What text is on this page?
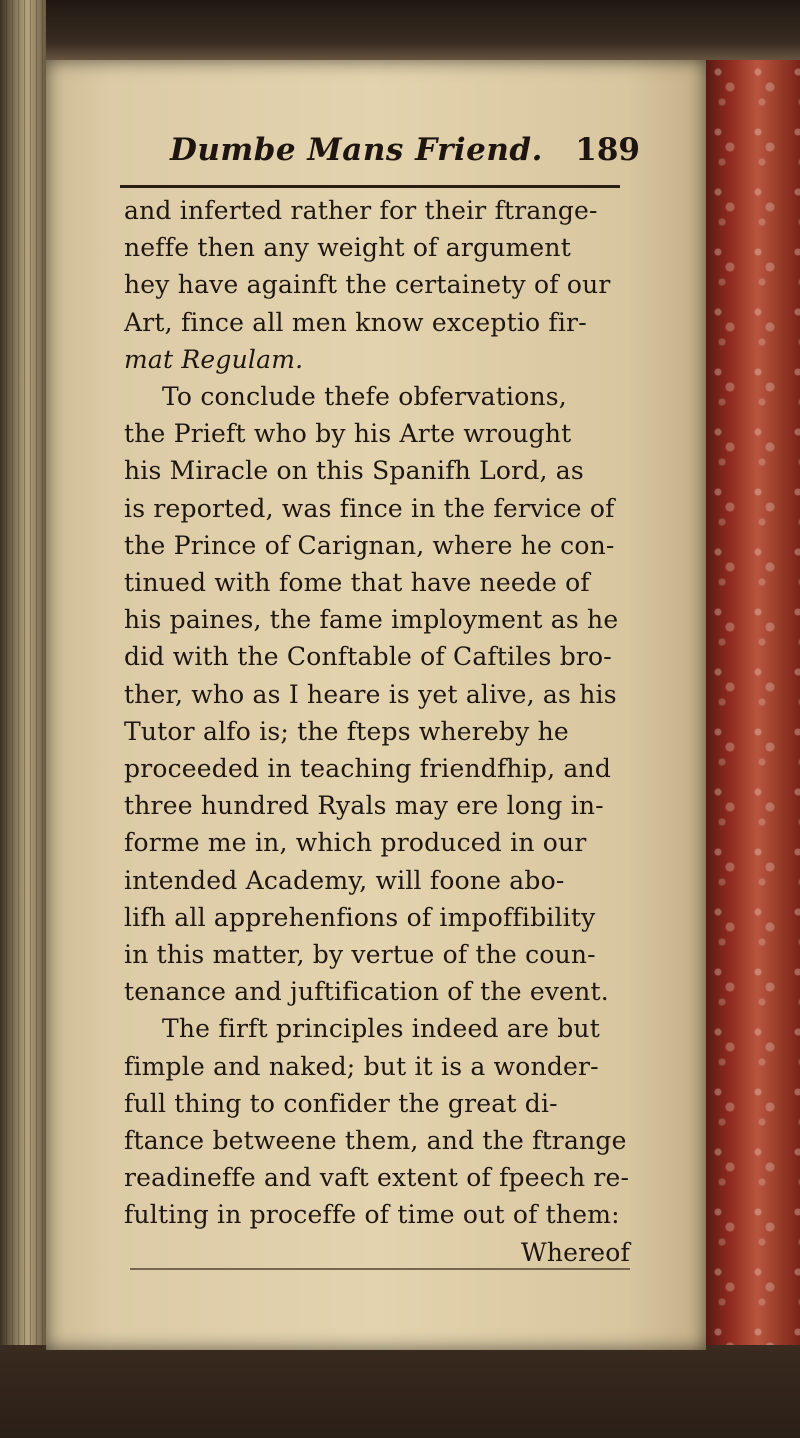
Dumbe Mans Friend. 189
and inferted rather for their ftrange-
neffe then any weight of argument
hey have againft the certainety of our
Art, fince all men know exceptio fir-
mat Regulam.
To conclude thefe obfervations,
the Prieft who by his Arte wrought
his Miracle on this Spanifh Lord, as
is reported, was fince in the fervice of
the Prince of Carignan, where he con-
tinued with fome that have neede of
his paines, the fame imployment as he
did with the Conftable of Caftiles bro-
ther, who as I heare is yet alive, as his
Tutor alfo is; the fteps whereby he
proceeded in teaching friendfhip, and
three hundred Ryals may ere long in-
forme me in, which produced in our
intended Academy, will foone abo-
lifh all apprehenfions of impoffibility
in this matter, by vertue of the coun-
tenance and juftification of the event.
The firft principles indeed are but
fimple and naked; but it is a wonder-
full thing to confider the great di-
ftance betweene them, and the ftrange
readineffe and vaft extent of fpeech re-
fulting in proceffe of time out of them:
Whereof
